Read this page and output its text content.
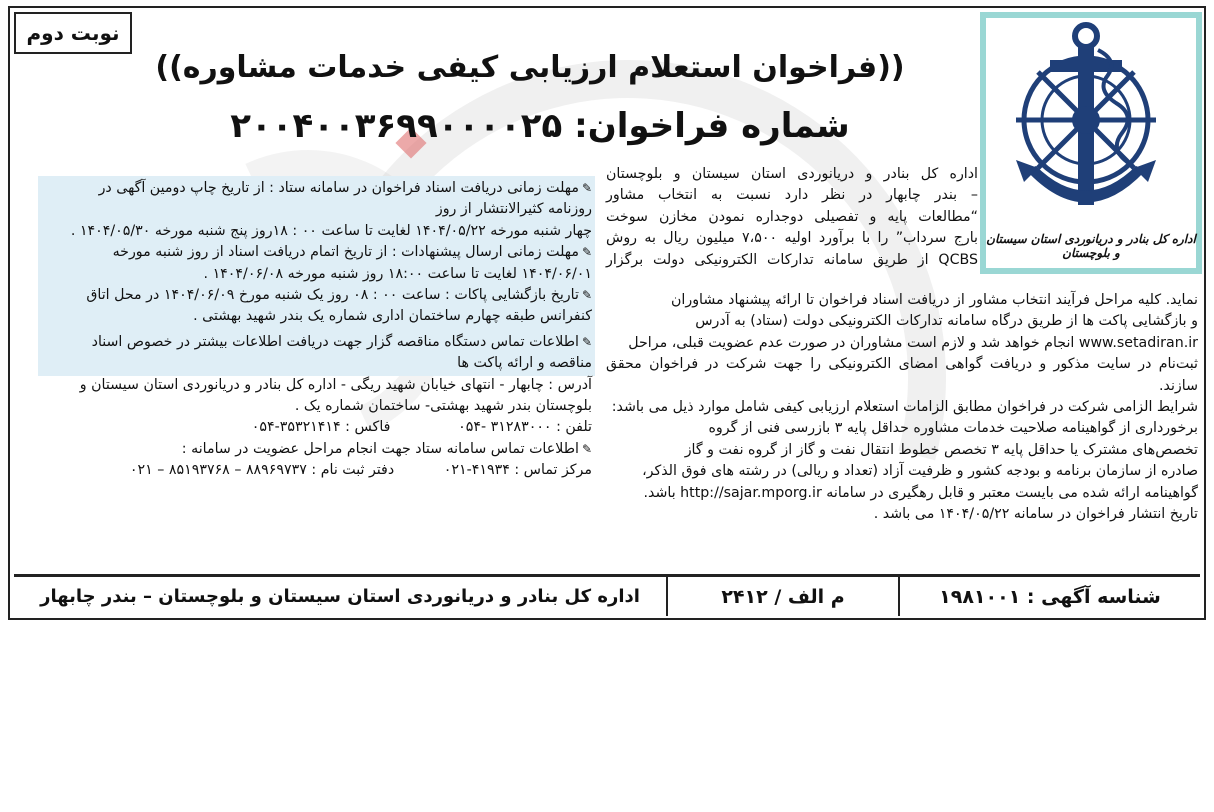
نوبت دوم
اداره کل بنادر و دریانوردی استان سیستان و بلوچستان
((فراخوان استعلام ارزیابی کیفی خدمات مشاوره))
شماره فراخوان: ۲۰۰۴۰۰۳۶۹۹۰۰۰۰۲۵

اداره کل بنادر و دریانوردی استان سیستان و بلوچستان

– بندر چابهار در نظر دارد نسبت به انتخاب مشاور

“مطالعات پایه و تفصیلی دوجداره نمودن مخازن سوخت

بارج سرداب” را با برآورد اولیه ۷،۵۰۰ میلیون ریال به روش

QCBS از طریق سامانه تدارکات الکترونیکی دولت برگزار

نماید. کلیه مراحل فرآیند انتخاب مشاور از دریافت اسناد فراخوان تا ارائه پیشنهاد مشاوران

و بازگشایی پاکت ها از طریق درگاه سامانه تدارکات الکترونیکی دولت (ستاد) به آدرس

www.setadiran.ir انجام خواهد شد و لازم است مشاوران در صورت عدم عضویت قبلی، مراحل

ثبت‌نام در سایت مذکور و دریافت گواهی امضای الکترونیکی را جهت شرکت در فراخوان محقق سازند.

شرایط الزامی شرکت در فراخوان مطابق الزامات استعلام ارزیابی کیفی شامل موارد ذیل می باشد:

برخورداری از گواهینامه صلاحیت خدمات مشاوره حداقل پایه ۳ بازرسی فنی از گروه

تخصص‌های مشترک یا حداقل پایه ۳ تخصص خطوط انتقال نفت و گاز از گروه نفت و گاز

صادره از سازمان برنامه و بودجه کشور و ظرفیت آزاد (تعداد و ریالی) در رشته های فوق الذکر،

گواهینامه ارائه شده می بایست معتبر و قابل رهگیری در سامانه http://sajar.mporg.ir باشد.

تاریخ انتشار فراخوان در سامانه ۱۴۰۴/۰۵/۲۲ می باشد .

✎مهلت زمانی دریافت اسناد فراخوان در سامانه ستاد : از تاریخ چاپ دومین آگهی در

روزنامه کثیرالانتشار از روز

چهار شنبه مورخه ۱۴۰۴/۰۵/۲۲ لغایت تا ساعت ۰۰ : ۱۸روز پنج شنبه مورخه ۱۴۰۴/۰۵/۳۰ .

✎مهلت زمانی ارسال پیشنهادات : از تاریخ اتمام دریافت اسناد از روز شنبه مورخه

۱۴۰۴/۰۶/۰۱ لغایت تا ساعت ۱۸:۰۰ روز شنبه مورخه ۱۴۰۴/۰۶/۰۸ .

✎تاریخ بازگشایی پاکات : ساعت ۰۰ : ۰۸ روز یک شنبه مورخ ۱۴۰۴/۰۶/۰۹ در محل اتاق

کنفرانس طبقه چهارم ساختمان اداری شماره یک بندر شهید بهشتی .

✎اطلاعات تماس دستگاه مناقصه گزار جهت دریافت اطلاعات بیشتر در خصوص اسناد

مناقصه و ارائه پاکت ها

آدرس : چابهار - انتهای خیابان شهید ریگی - اداره کل بنادر و دریانوردی استان سیستان و

بلوچستان بندر شهید بهشتی- ساختمان شماره یک .

تلفن : ۳۱۲۸۳۰۰۰ -۰۵۴               فاکس : ۳۵۳۲۱۴۱۴-۰۵۴

✎اطلاعات تماس سامانه ستاد جهت انجام مراحل عضویت در سامانه :

مرکز تماس : ۴۱۹۳۴-۰۲۱           دفتر ثبت نام : ۸۸۹۶۹۷۳۷ – ۸۵۱۹۳۷۶۸ – ۰۲۱

شناسه آگهی : ۱۹۸۱۰۰۱
م الف / ۲۴۱۲
اداره کل بنادر و دریانوردی استان سیستان و بلوچستان – بندر چابهار
